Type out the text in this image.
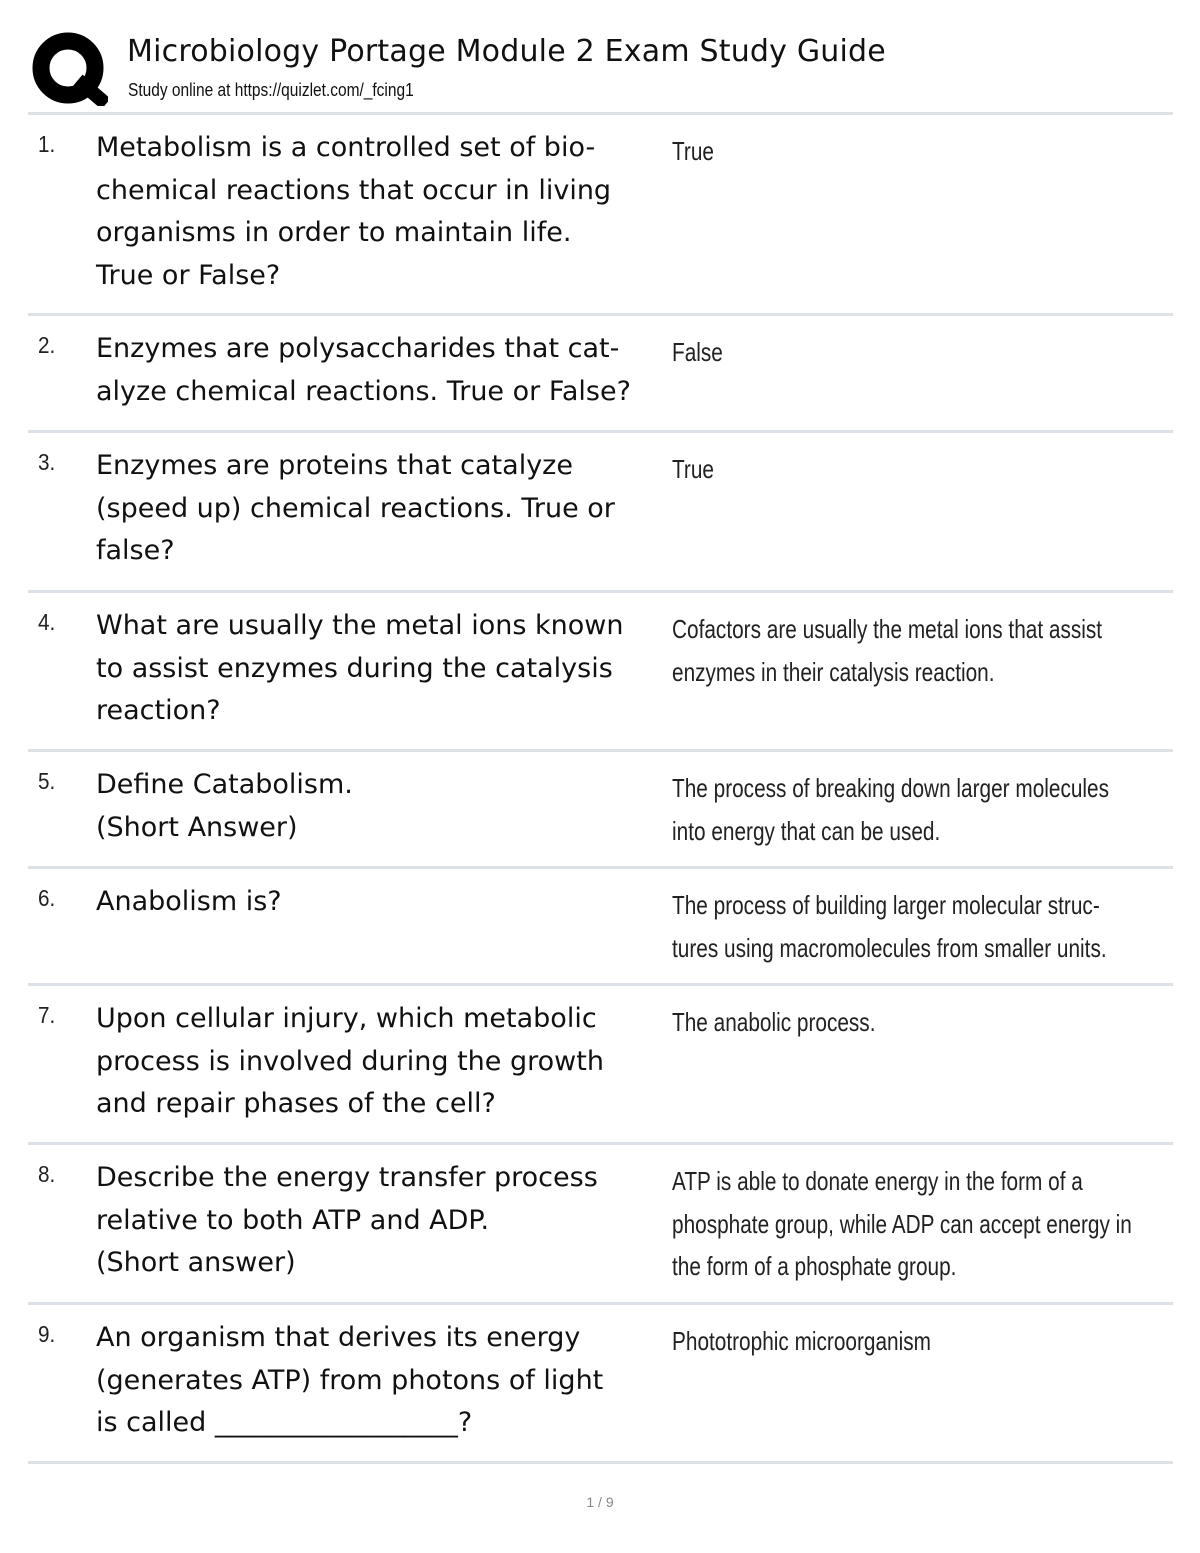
Microbiology Portage Module 2 Exam Study Guide
Study online at https://quizlet.com/_fcing1
1. Metabolism is a controlled set of bio-
chemical reactions that occur in living
organisms in order to maintain life.
True or False?
True
2. Enzymes are polysaccharides that cat-
alyze chemical reactions. True or False?
False
3. Enzymes are proteins that catalyze
(speed up) chemical reactions. True or
false?
True
4. What are usually the metal ions known
to assist enzymes during the catalysis
reaction?
Cofactors are usually the metal ions that assist
enzymes in their catalysis reaction.
5. Define Catabolism.
(Short Answer)
The process of breaking down larger molecules
into energy that can be used.
6. Anabolism is?	The process of building larger molecular struc-
tures using macromolecules from smaller units.
7. Upon cellular injury, which metabolic
process is involved during the growth
and repair phases of the cell?
The anabolic process.
8. Describe the energy transfer process
relative to both ATP and ADP.
(Short answer)
ATP is able to donate energy in the form of a
phosphate group, while ADP can accept energy in
the form of a phosphate group.
9. An organism that derives its energy
(generates ATP) from photons of light
is called __________________?
Phototrophic microorganism
1 / 9
